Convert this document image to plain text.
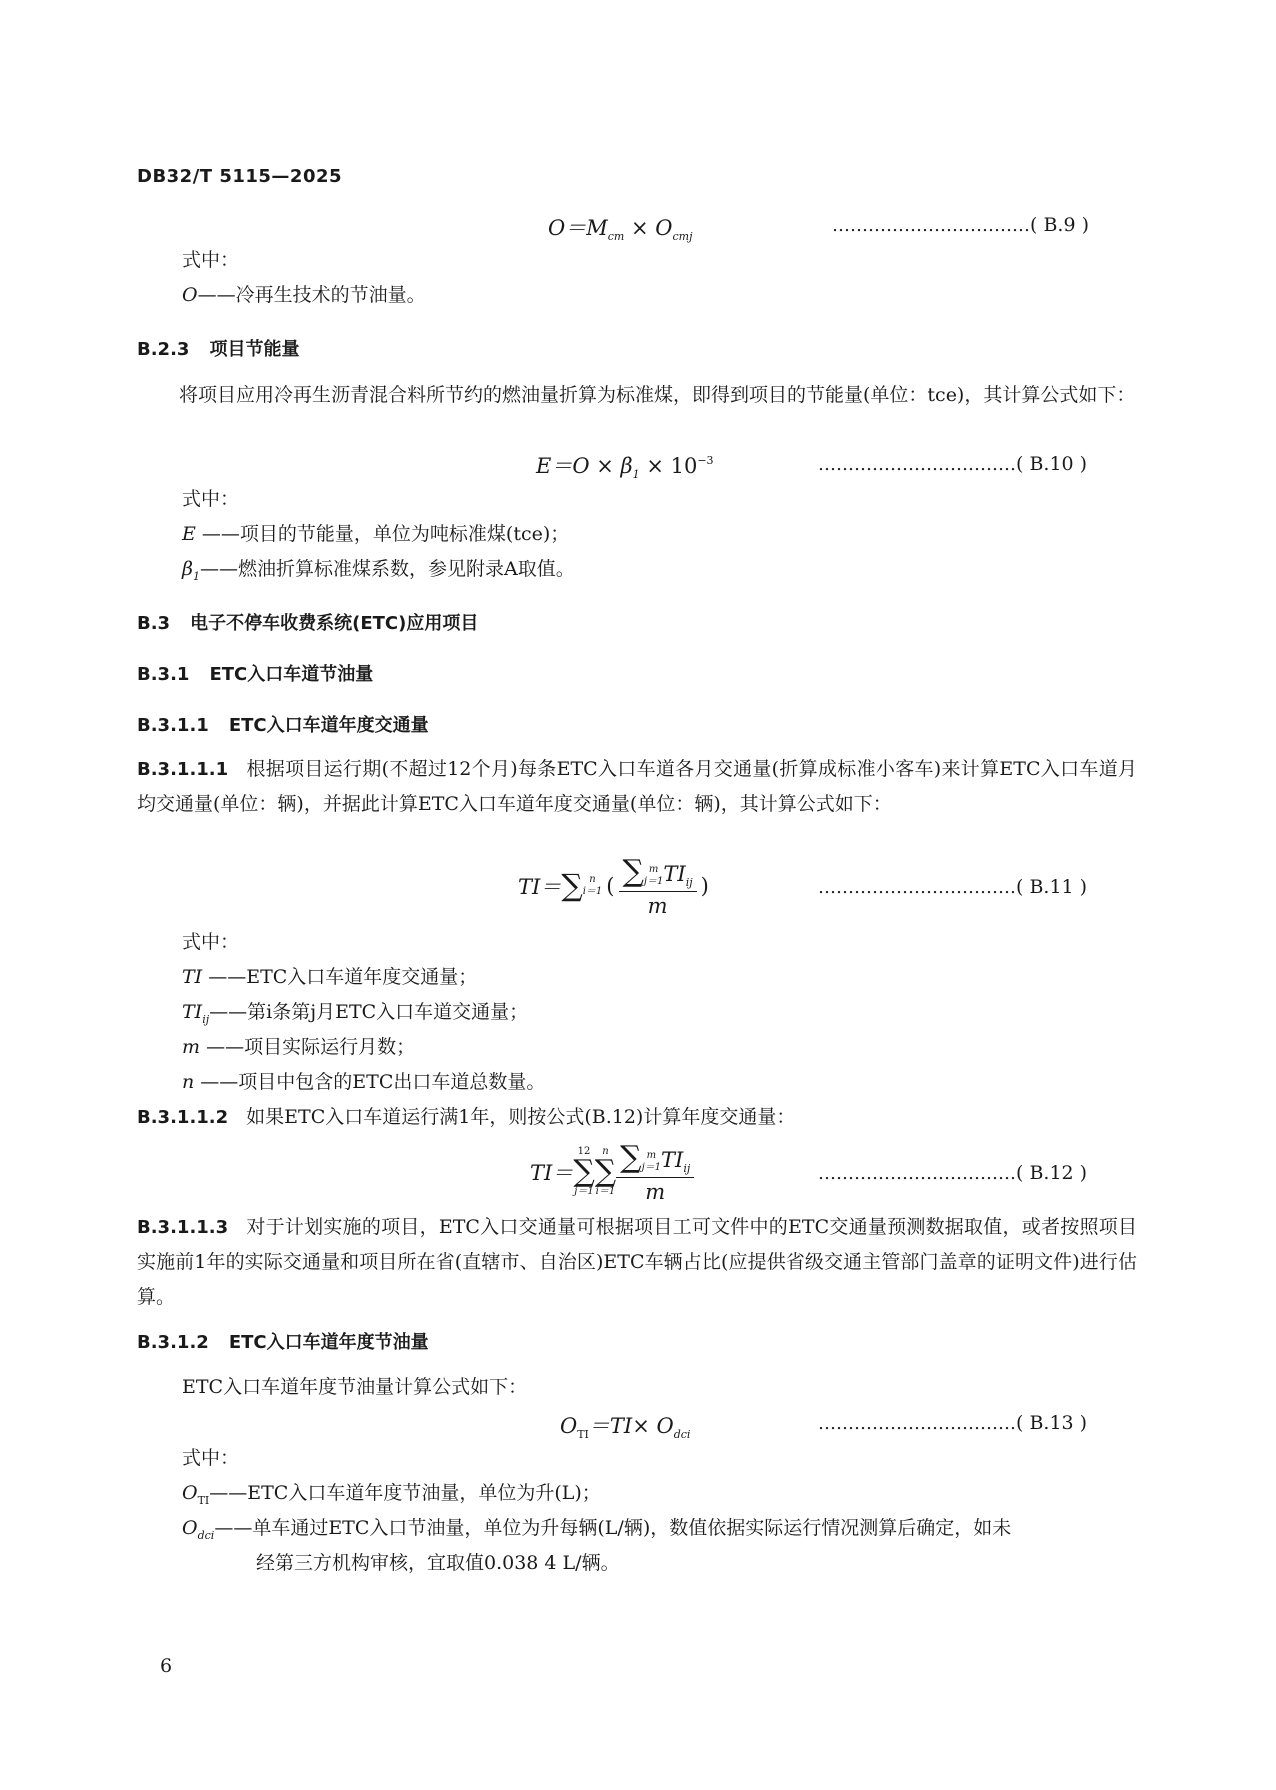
DB32/T 5115—2025
$O=M_{cm} \times O_{cmj}$
……………………………( B.9 )
式中：
O——冷再生技术的节油量。
B.2.3 项目节能量
将项目应用冷再生沥青混合料所节约的燃油量折算为标准煤，即得到项目的节能量(单位：tce)，其计算公式如下：
$E=O \times \beta_1 \times 10^{-3}$	……………………………( B.10 )
式中：
E ——项目的节能量，单位为吨标准煤(tce)；
$\beta_1——$燃油折算标准煤系数，参见附录A取值。
B.3 电子不停车收费系统(ETC)应用项目
B.3.1 ETC入口车道节油量
B.3.1.1 ETC入口车道年度交通量
B.3.1.1.1 根据项目运行期(不超过12个月)每条ETC入口车道各月交通量(折算成标准小客车)来计算ETC入口车道月均交通量(单位：辆)，并据此计算ETC入口车道年度交通量(单位：辆)，其计算公式如下：
TI＝∑ n
i＝1 ( ∑ m
j＝1 $TI_{ij}$
m )	……………………………( B.11 )
式中：
TI ——ETC入口车道年度交通量；
$TI_{ij}——$第i条第j月ETC入口车道交通量；
m ——项目实际运行月数；
n ——项目中包含的ETC出口车道总数量。
B.3.1.1.2 如果ETC入口车道运行满1年，则按公式(B.12)计算年度交通量：
TI＝
12
∑
j＝1
n
∑
i＝1 ∑ m
j＝1 $TI_{ij}$
m	……………………………( B.12 )
B.3.1.1.3 对于计划实施的项目，ETC入口交通量可根据项目工可文件中的ETC交通量预测数据取值，或者按照项目实施前1年的实际交通量和项目所在省(直辖市、自治区)ETC车辆占比(应提供省级交通主管部门盖章的证明文件)进行估算。
B.3.1.2 ETC入口车道年度节油量
ETC入口车道年度节油量计算公式如下：
$O_{TI}=TI\times O_{dci}$
……………………………( B.13 )
式中：
$O_{TI}——ETC$入口车道年度节油量，单位为升(L)；
$O_{dci}——$单车通过ETC入口节油量，单位为升每辆(L/辆)，数值依据实际运行情况测算后确定，如未
经第三方机构审核，宜取值0.038 4 L/辆。
6
